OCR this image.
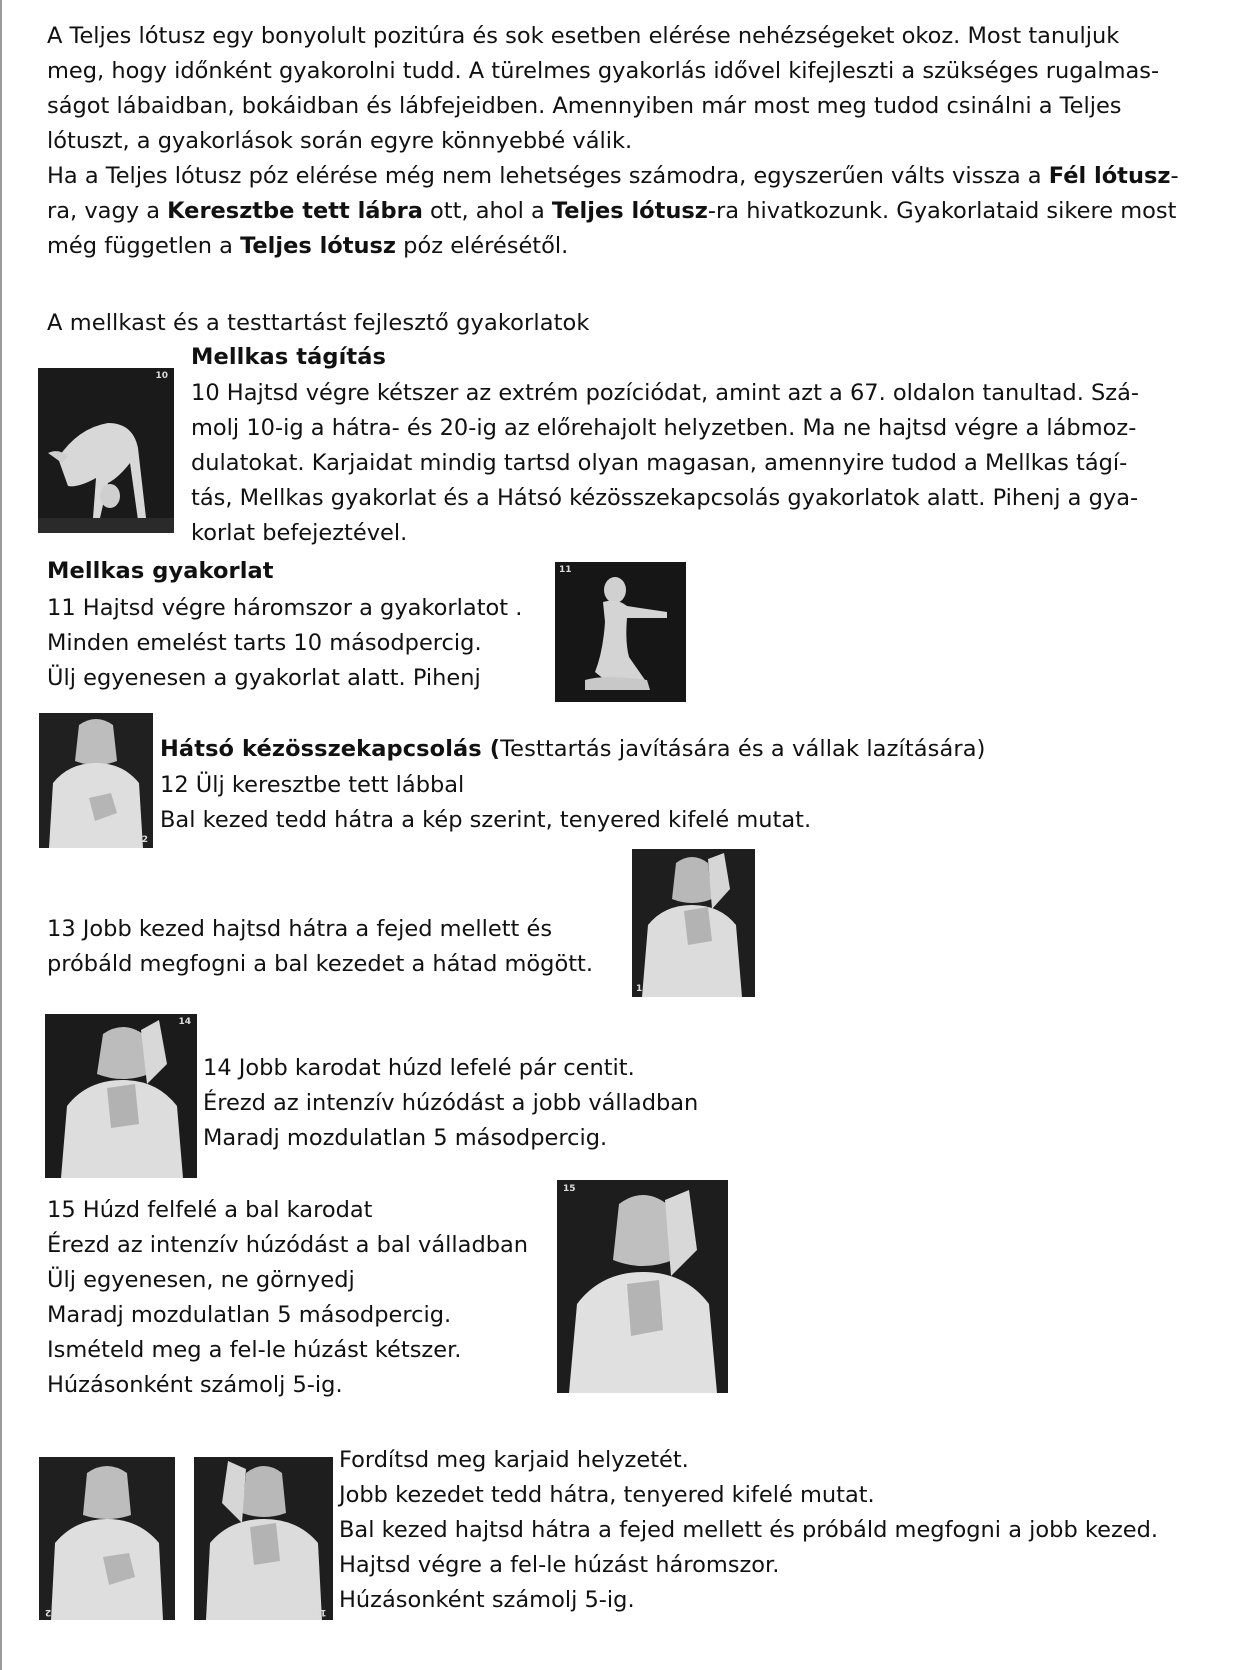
A Teljes lótusz egy bonyolult pozitúra és sok esetben elérése nehézségeket okoz. Most tanuljuk
meg, hogy időnként gyakorolni tudd. A türelmes gyakorlás idővel kifejleszti a szükséges rugalmas-
ságot lábaidban, bokáidban és lábfejeidben. Amennyiben már most meg tudod csinálni a Teljes
lótuszt, a gyakorlások során egyre könnyebbé válik.
Ha a Teljes lótusz póz elérése még nem lehetséges számodra, egyszerűen válts vissza a Fél lótusz-
ra, vagy a Keresztbe tett lábra ott, ahol a Teljes lótusz-ra hivatkozunk. Gyakorlataid sikere most
még független a Teljes lótusz póz elérésétől.
A mellkast és a testtartást fejlesztő gyakorlatok
10
Mellkas tágítás
10 Hajtsd végre kétszer az extrém pozíciódat, amint azt a 67. oldalon tanultad. Szá-
molj 10-ig a hátra- és 20-ig az előrehajolt helyzetben. Ma ne hajtsd végre a lábmoz-
dulatokat. Karjaidat mindig tartsd olyan magasan, amennyire tudod a Mellkas tágí-
tás, Mellkas gyakorlat és a Hátsó kézösszekapcsolás gyakorlatok alatt. Pihenj a gya-
korlat befejeztével.
Mellkas gyakorlat
11 Hajtsd végre háromszor a gyakorlatot .
Minden emelést tarts 10 másodpercig.
Ülj egyenesen a gyakorlat alatt. Pihenj
11
12
Hátsó kézösszekapcsolás (Testtartás javítására és a vállak lazítására)
12 Ülj keresztbe tett lábbal
Bal kezed tedd hátra a kép szerint, tenyered kifelé mutat.
13 Jobb kezed hajtsd hátra a fejed mellett és
próbáld megfogni a bal kezedet a hátad mögött.
13
14
14 Jobb karodat húzd lefelé pár centit.
Érezd az intenzív húzódást a jobb válladban
Maradj mozdulatlan 5 másodpercig.
15 Húzd felfelé a bal karodat
Érezd az intenzív húzódást a bal válladban
Ülj egyenesen, ne görnyedj
Maradj mozdulatlan 5 másodpercig.
Ismételd meg a fel-le húzást kétszer.
Húzásonként számolj 5-ig.
15
12	13
Fordítsd meg karjaid helyzetét.
Jobb kezedet tedd hátra, tenyered kifelé mutat.
Bal kezed hajtsd hátra a fejed mellett és próbáld megfogni a jobb kezed.
Hajtsd végre a fel-le húzást háromszor.
Húzásonként számolj 5-ig.
